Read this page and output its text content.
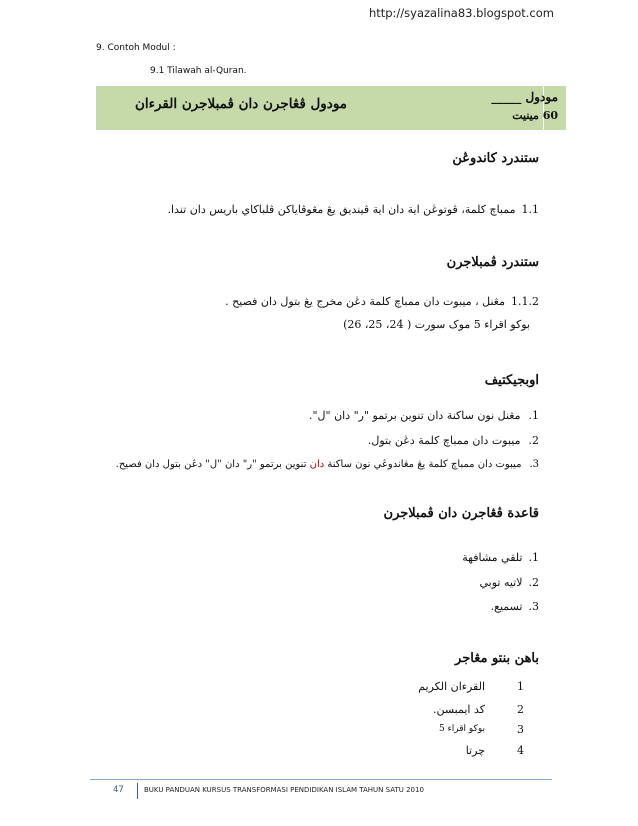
http://syazalina83.blogspot.com
9. Contoh Modul :
9.1 Tilawah al-Quran.
مودول ڤڠاجرن دان ڤمبلاجرن القرءان	مودول _____
60 مينيت
ستندرد كاندوڠن
1.1ممباچ كلمة، ڤوتوڠن اية دان اية ڤينديق يڠ مڠوڤاياكن ڤلباكاي باريس دان تندا.
ستندرد ڤمبلاجرن
1.1.2مڠنل ، ميبوت دان ممباچ كلمة دڠن مخرج يڠ بتول دان فصيح .
بوكو اقراء 5 موک سورت ( 24، 25، 26)
اوبجيكتيف
1.مڠنل نون ساكنة دان تنوين برتمو "ر" دان "ل".
2.ميبوت دان ممباچ كلمة دڠن بتول.
3.ميبوت دان ممباچ كلمة يڠ مڠاندوڠي نون ساكنة دان تنوين برتمو "ر" دان "ل" دڠن بتول دان فصيح.
قاعدة ڤڠاجرن دان ڤمبلاجرن
1.تلقي مشافهة
2.لاتيه توبي
3.تسميع.
باهن بنتو مڠاجر
1
القرءان الكريم
2
كد ايمبسن.
3
بوكو اقراء 5
4
چرتا
47	BUKU PANDUAN KURSUS TRANSFORMASI PENDIDIKAN ISLAM TAHUN SATU 2010
